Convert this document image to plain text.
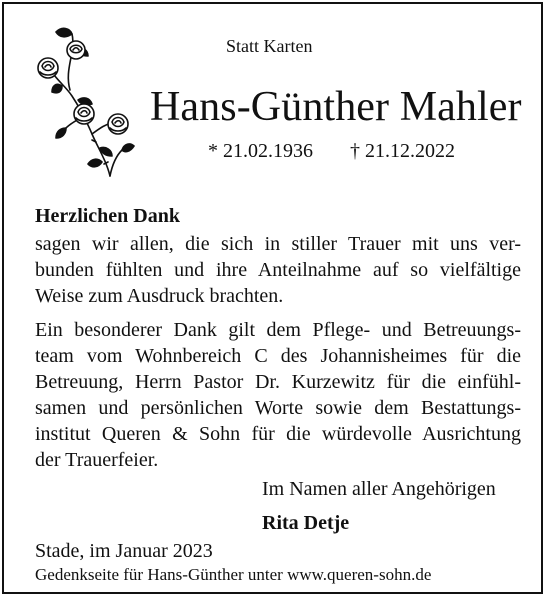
Statt Karten
Hans-Günther Mahler
* 21.02.1936 † 21.12.2022
Herzlichen Dank
sagen wir allen, die sich in stiller Trauer mit uns ver-
bunden fühlten und ihre Anteilnahme auf so vielfältige
Weise zum Ausdruck brachten.
Ein besonderer Dank gilt dem Pflege- und Betreuungs-
team vom Wohnbereich C des Johannisheimes für die
Betreuung, Herrn Pastor Dr. Kurzewitz für die einfühl-
samen und persönlichen Worte sowie dem Bestattungs-
institut Queren & Sohn für die würdevolle Ausrichtung
der Trauerfeier.
Im Namen aller Angehörigen
Rita Detje
Stade, im Januar 2023
Gedenkseite für Hans-Günther unter www.queren-sohn.de
